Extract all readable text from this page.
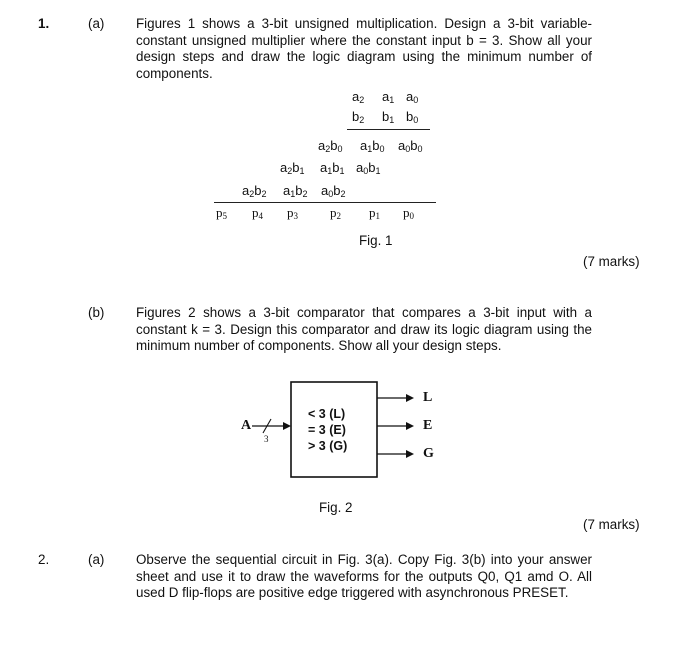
1.	(a) Figures 1 shows a 3-bit unsigned multiplication. Design a 3-bit variable-constant unsigned multiplier where the constant input b = 3. Show all your design steps and draw the logic diagram using the minimum number of components.
$a_2$ $a_1$ $a_0$
$b_2$ $b_1$ $b_0$
$a_2b_0$ $a_1b_0$ $a_0b_0$
$a_2b_1$ $a_1b_1$ $a_0b_1$
$a_2b_2$ $a_1b_2$ $a_0b_2$
$p_5$ $p_4$ $p_3$ $p_2$ $p_1$ $p_0$
Fig. 1
(7 marks)
(b) Figures 2 shows a 3-bit comparator that compares a 3-bit input with a constant k = 3. Design this comparator and draw its logic diagram using the minimum number of components. Show all your design steps.
< 3 (L)
= 3 (E)
> 3 (G)
A
3
L
E
G
Fig. 2
(7 marks)
2.	(a) Observe the sequential circuit in Fig. 3(a). Copy Fig. 3(b) into your answer sheet and use it to draw the waveforms for the outputs Q0, Q1 amd O. All used D flip-flops are positive edge triggered with asynchronous PRESET.
